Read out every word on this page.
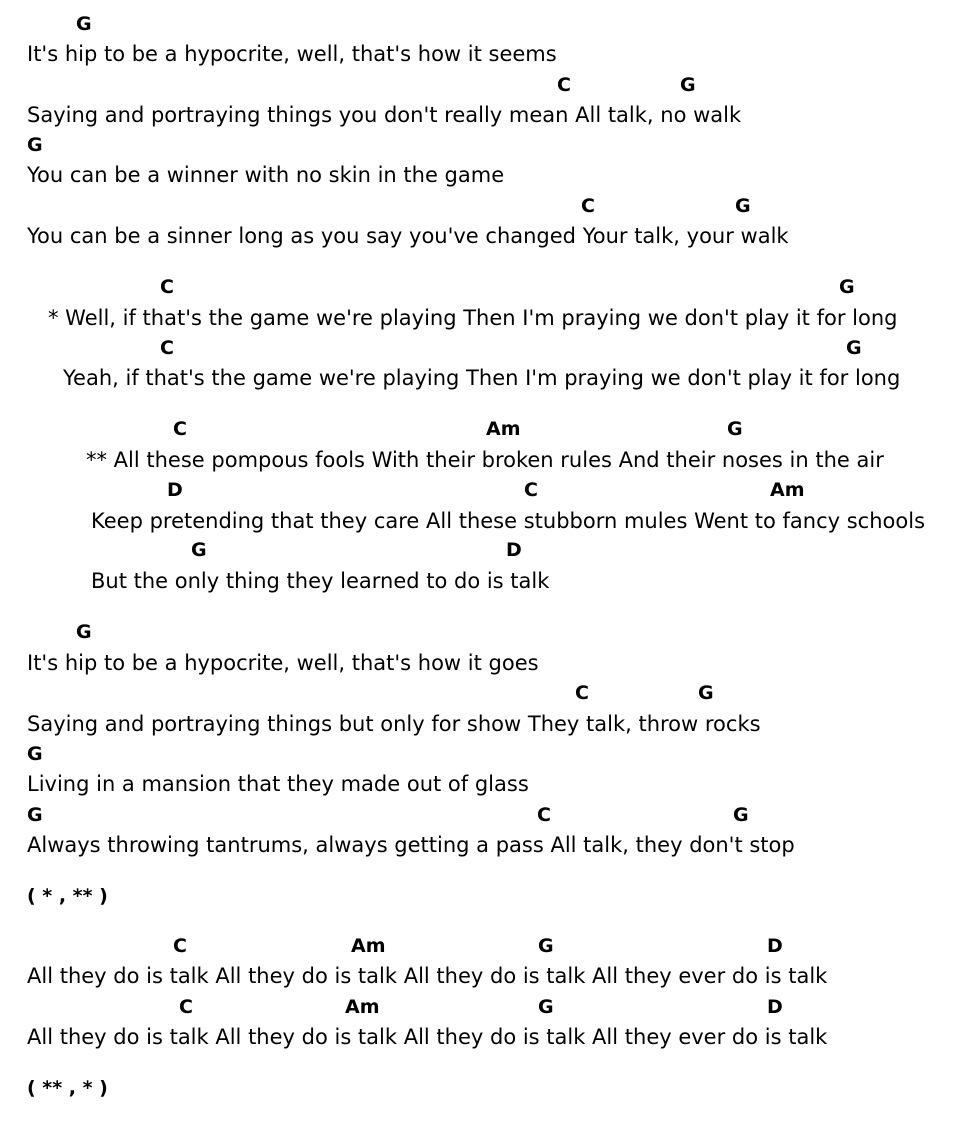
G
It's hip to be a hypocrite, well, that's how it seems
C	G
Saying and portraying things you don't really mean All talk, no walk
G
You can be a winner with no skin in the game
C	G
You can be a sinner long as you say you've changed Your talk, your walk
C	G
* Well, if that's the game we're playing Then I'm praying we don't play it for long
C	G
Yeah, if that's the game we're playing Then I'm praying we don't play it for long
C	Am	G
** All these pompous fools With their broken rules And their noses in the air
D	C	Am
Keep pretending that they care All these stubborn mules Went to fancy schools
G	D
But the only thing they learned to do is talk
G
It's hip to be a hypocrite, well, that's how it goes
C	G
Saying and portraying things but only for show They talk, throw rocks
G
Living in a mansion that they made out of glass
G	C	G
Always throwing tantrums, always getting a pass All talk, they don't stop
( * , ** )
C	Am	G	D
All they do is talk All they do is talk All they do is talk All they ever do is talk
C	Am	G	D
All they do is talk All they do is talk All they do is talk All they ever do is talk
( ** , * )
